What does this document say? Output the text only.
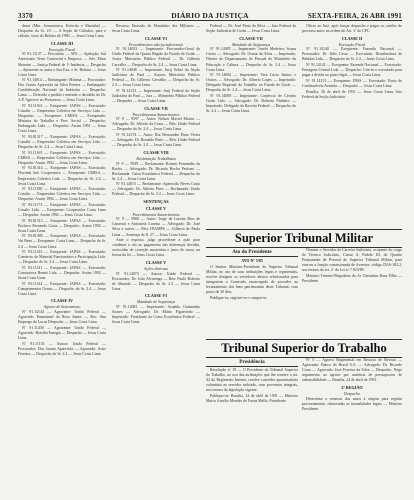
3370	DIÁRIO DA JUSTIÇA	SEXTA-FEIRA, 26 ABR 1991

dezat (Min. Aeronáutica, Exército e Marinha) — Despacho do Sr. 2.9 — A Seção de Cálculos, para o cálculo, visto do Relator de 1990. — Jesus Costa Lima.

CLASSE III
Execução Fiscal

Nº 91.11137 — Precatório — APS — Apelação: Sul Americano Terra Comercial e Empresa — Adv. Elton Sbaraini — Justiça Federal de 1ª Instância — Despacho — Apresente os autos a Sua Exa. o Sr. Relator. — Jesus Costa Lima.

Nº 91.14814 — Embargante: Mínima — Procurador: Dra. Isaura Aparecida da Silva Pereira — Embargado: Confederação Nacional da Indústria — Despacho: Lamo — Deferido o pedido e entendo o decidido do Dr. A.P. Agreovo ao Prossessor — Jesus Costa Lima.

Nº 93.11163 — Exequente: IAPAS — Executado: Consfin — Empresário Coletiva em Serviços Ltda. — Despacho: — Exequente: CMISA — Exequendo: Ministra do Trabalho e Prev. Social — Despacho: Embargado Ltda. — Despacho: Assim 1992 — Jesus Costa Lima.

Nº 93.81317 — Exequente: IAPAS — Executado: Consfin — Empresário Coletiva em Serviços Ltda. — Despacho do Sr. 2.4 — Jesus Costa Lima.

Nº 93.11165 — Exequente: IAPAS — Executado: CMISA — Empresário Coletiva em Serviços Ltda. — Despacho: Assim 1992 — Jesus Costa Lima.

Nº 93.81414 — Exequente: IAPAS — Executado: Florinda Ind. Cooperativa — Exequente: CMISA — Empresário Coletiva Ltda. — Despacho do Sr. 2.4 — Jesus Costa Lima.

Nº 93.11180 — Exequente: IAPAS — Executado: Consfin — Empresário Coletiva em Serviços Ltda. — Despacho: Assim 1992 — Jesus Costa Lima.

Nº 93.11173 — Exequente: IAPAS — Executado: Crisalis Ltda. — Exequente: Cooperativa Costa Lima — Despacho: Assim 1992 — Jesus Costa Lima.

Nº 93.81313 — Exequente: IAPAS — Executado: Pacheco Fernando Costa — Despacho: Assim 1992 — Jesus Costa Lima.

Nº 93.81380 — Exequente: IAPAS — Executado: Vai Bem — Exequente: Costa Lima — Despacho do Sr. 2.4 — Jesus Costa Lima.

Nº 93.11143 — Exequente: IAPAS — Executado: Comércio de Material Funcionários e Participação Ltda. — Despacho do Sr. 2.4 — Jesus Costa Lima.

Nº 93.11141 — Exequente: IAPAS — Executado: Construtora Rennó Ltda. — Despacho: Assim 1992 — Jesus Costa Lima.

Nº 93.11144 — Exequente: IAPAS — Executado: Cumprimentos Gerais — Despacho do Sr. 2.4 — Jesus Costa Lima.

CLASSE IV
Agravo de Instrumento

Nº 91.14144 — Agravante: União Federal — Agravado: Emmanuel da Rosa Junior — Rec. Ana Emprego de Lucas Despacho — Jesus Costa Lima.

Nº 91.11430 — Agravante: União Federal — Agravado: Brasília Energia — Despacho — Jesus Costa Lima.

Nº 91.11153 — Autora: União Federal — Procurador: Dra. Isaura Aparecida — Agravado: Assis Ferreira — Despacho do Sr. 2.4 — Jesus Costa Lima.

Recurso, Emissão de Mandados dos Militares — Jesus Costa Lima.

CLASSE VI
Procedimentos não-jurisdicionais

Nº 91.14033 — Impetrante: Procurador-Geral da União Federal da Quarta Região do Estado de Goiás — Autor: Ministério Público Federal — Dr. Gilberto Carvalho — Despacho do Sr. 2.4 — Jesus Costa Lima.

Nº 91.14048 — Impetrante: Jurij Sehaf da Seção Judiciária do Pará — Autora: Ministério Público Federal — Dr. Gilberto Carvalho — Despacho do Sr. 2.4 — Jesus Costa Lima.

Nº 91.14133 — Impetrante: Jurij Federal da Seção Judiciária do Pará — Juiz — Ministério Público Federal — Despacho — Jesus Costa Lima.

CLASSE VII
Procedimentos Sumaríssimos

Nº 9 — 9597 — Autor: Nelson Maciel Mattos — Advogado: Dr. Alfredo da Costa — Réu: União Federal — Despacho do Sr. 2.4 — Jesus Costa Lima.

Nº 91.14174 — Autor: Rui Hernandez Pinto Vieira — Advogado: Dr. Ronaldo Pinto — Réu: União Federal — Despacho do Sr. 2.4 — Jesus Costa Lima.

CLASSE VIII
Reclamação Trabalhista

Nº 9 — 9939 — Reclamante: Romeu Fernandes da Rocha — Advogado: Dr. Ricardo Rocha Pedroso — Reclamada: Caixa Econômica Federal — Despacho do Sr. 2.4 — Jesus Costa Lima.

Nº 91.14015 — Reclamante: Aparecida Neves Costa — Advogado: Dr. Alberto Pires — Reclamada: União Federal — Despacho do Sr. 2.4 — Jesus Costa Lima.

SENTENÇAS
CLASSE V
Procedimentos Sumaríssimos

Nº 9 — 9900 — Autor: Jorge de Lucena Rios de Canavial e Antonieta Lucena — Advogado: Dr. José Silva e outros — Réu: INAMPS — Gilberto de Paula Lima — Sentença de fl. 27 — Jesus Costa Lima.

Ante o exposto, julgo procedente a ação para condenar o réu ao pagamento das diferenças devidas, acrescidas de correção monetária e juros de mora, na forma da lei — Jesus Costa Lima.

CLASSE V
Ações diversas

Nº 91.14073 — Autora: União Federal — Procurador: Dr. João Alvarenga — Réu: Paulo Roberto de Almeida — Despacho do Sr. 2.4 — Jesus Costa Lima.

CLASSE VI
Mandado de Segurança

Nº 91.14081 — Impetrante: Arnaldo Guimarães Soares — Advogado: Dr. Mário Figueiredo — Impetrado: Presidente da Caixa Econômica Federal — Jesus Costa Lima.

Federal — Dr. José Pinto da Silva — Juiz Federal da Seção Judiciária de Goiás — Jesus Costa Lima.

CLASSE VII
Mandado de Segurança

Nº 91.14085 — Impetrante: Josefa Medeiros Souza Castro — Advogado: Dr. Osmar da Silva — Impetrado: Diretor do Departamento de Pessoal do Ministério da Educação e Cultura — Despacho do Sr. 2.4 — Jesus Costa Lima.

Nº 91.14084 — Impetrante: Vera Lúcia Santos e Outros — Advogado: Dr. Alberto Lopes — Impetrado: Delegado Regional do Trabalho no Estado de Goiás — Despacho do Sr. 2.4 — Jesus Costa Lima.

Nº 91.14088 — Impetrante: Comércio de Cereais Goiás Ltda. — Advogado: Dr. Roberto Pinheiro — Impetrado: Delegado da Receita Federal — Despacho do Sr. 2.4 — Jesus Costa Lima.

Ofício ao Juiz, após lançar despacho e pagar os cartões do processo autos na ordem do Art. 3º do CPC.

CLASSE II
Execução Fiscal

Nº 91.14140 — Exequente: Fazenda Nacional — Procurador: Dr. Júlio Cesar — Executado: Distribuidora de Bebidas Ltda. — Despacho do Sr. 2.4 — Jesus Costa Lima.

Nº 91.14141 — Exequente: Fazenda Nacional — Executado: Ferragens Central Ltda. — Despacho: Cite-se o executado para pagar a dívida no prazo legal — Jesus Costa Lima.

Nº 91.14151 — Exequente: INSS — Executado: Posto de Combustíveis Avenida — Despacho — Jesus Costa Lima.

Brasília, 26 de abril de 1991 — Jesus Costa Lima, Juiz Federal da Seção Judiciária.

Superior Tribunal Militar
Ato do Presidente
ATO Nº 5/85

O Senhor Ministro-Presidente do Superior Tribunal Militar, no uso de suas atribuições legais e regimentais, resolve designar os servidores abaixo relacionados para integrarem a Comissão encarregada de proceder ao levantamento dos bens patrimoniais deste Tribunal, com prazo de 30 dias.

Publique-se, registre-se e cumpra-se.

Nomear o Servidor da Carreira Judiciária, ocupante do cargo de Técnico Judiciário, Classe A, Padrão III, do Quadro Permanente de Pessoal do Superior Tribunal Militar, para exercer a função comissionada de Assessor, código DAS-102.2, nos termos do art. 2º da Lei nº 7.923/89.

Ministro Tenente-Brigadeiro do Ar Cherubim Rosa Filho — Presidente

Tribunal Superior do Trabalho
Presidência

Resolução nº 19 — O Presidente do Tribunal Superior do Trabalho, no uso das atribuições que lhe confere o art. 42 do Regimento Interno, resolve conceder aposentadoria voluntária ao servidor indicado, com proventos integrais, nos termos da legislação vigente.

Publique-se. Brasília, 24 de abril de 1991 — Ministro Marco Aurélio Mendes de Farias Mello, Presidente.

Nº 5 — Agravo Regimental em Recurso de Revista — Agravante: Banco do Brasil S.A. — Advogado: Dr. Ricardo Costa — Agravado: José Ferreira da Silva — Despacho: Nego seguimento ao agravo por ausência de pressupostos de admissibilidade — Brasília, 24 de abril de 1991.

2ª REGIÃO
Despacho

Determino a remessa dos autos à origem para regular processamento, observadas as formalidades legais — Ministro Presidente.
